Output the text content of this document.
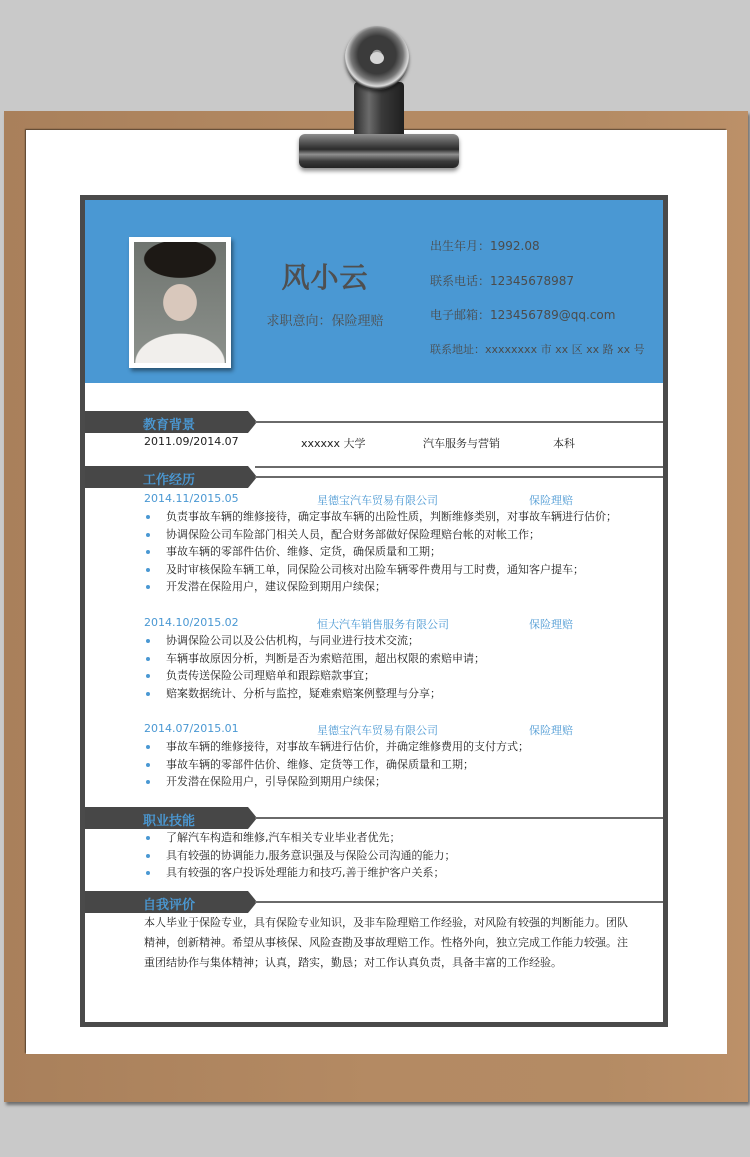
风小云
求职意向：保险理赔
出生年月：1992.08
联系电话：12345678987
电子邮箱：123456789@qq.com
联系地址：xxxxxxxx 市 xx 区 xx 路 xx 号
教育背景
2011.09/2014.07	xxxxxx 大学	汽车服务与营销	本科
工作经历
2014.11/2015.05	星德宝汽车贸易有限公司	保险理赔
负责事故车辆的维修接待，确定事故车辆的出险性质，判断维修类别，对事故车辆进行估价；
协调保险公司车险部门相关人员，配合财务部做好保险理赔台帐的对帐工作；
事故车辆的零部件估价、维修、定货，确保质量和工期；
及时审核保险车辆工单，同保险公司核对出险车辆零件费用与工时费，通知客户提车；
开发潜在保险用户，建议保险到期用户续保；
2014.10/2015.02	恒大汽车销售服务有限公司	保险理赔
协调保险公司以及公估机构，与同业进行技术交流；
车辆事故原因分析，判断是否为索赔范围，超出权限的索赔申请；
负责传送保险公司理赔单和跟踪赔款事宜；
赔案数据统计、分析与监控，疑难索赔案例整理与分享；
2014.07/2015.01	星德宝汽车贸易有限公司	保险理赔
事故车辆的维修接待，对事故车辆进行估价，并确定维修费用的支付方式；
事故车辆的零部件估价、维修、定货等工作，确保质量和工期；
开发潜在保险用户，引导保险到期用户续保；
职业技能
了解汽车构造和维修,汽车相关专业毕业者优先；
具有较强的协调能力,服务意识强及与保险公司沟通的能力；
具有较强的客户投诉处理能力和技巧,善于维护客户关系；
自我评价
本人毕业于保险专业，具有保险专业知识，及非车险理赔工作经验，对风险有较强的判断能力。团队精神，创新精神。希望从事核保、风险查勘及事故理赔工作。性格外向，独立完成工作能力较强。注重团结协作与集体精神；认真，踏实，勤恳；对工作认真负责，具备丰富的工作经验。
